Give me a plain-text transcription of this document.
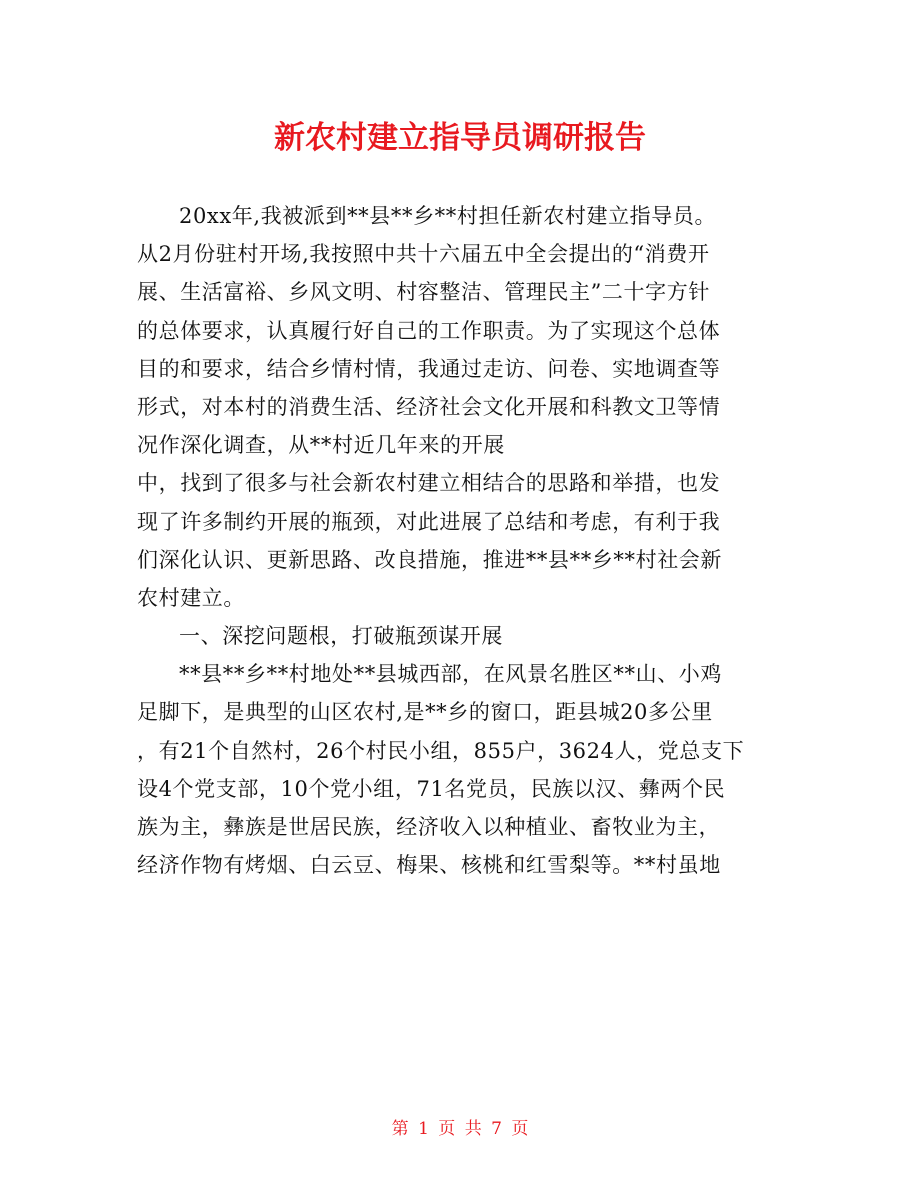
新农村建立指导员调研报告
20xx年,我被派到**县**乡**村担任新农村建立指导员。
从2月份驻村开场,我按照中共十六届五中全会提出的“消费开
展、生活富裕、乡风文明、村容整洁、管理民主”二十字方针
的总体要求，认真履行好自己的工作职责。为了实现这个总体
目的和要求，结合乡情村情，我通过走访、问卷、实地调查等
形式，对本村的消费生活、经济社会文化开展和科教文卫等情
况作深化调查，从**村近几年来的开展
中，找到了很多与社会新农村建立相结合的思路和举措，也发
现了许多制约开展的瓶颈，对此进展了总结和考虑，有利于我
们深化认识、更新思路、改良措施，推进**县**乡**村社会新
农村建立。
一、深挖问题根，打破瓶颈谋开展
**县**乡**村地处**县城西部，在风景名胜区**山、小鸡
足脚下，是典型的山区农村,是**乡的窗口，距县城20多公里
，有21个自然村，26个村民小组，855户，3624人，党总支下
设4个党支部，10个党小组，71名党员，民族以汉、彝两个民
族为主，彝族是世居民族，经济收入以种植业、畜牧业为主，
经济作物有烤烟、白云豆、梅果、核桃和红雪梨等。**村虽地
第 1 页 共 7 页
